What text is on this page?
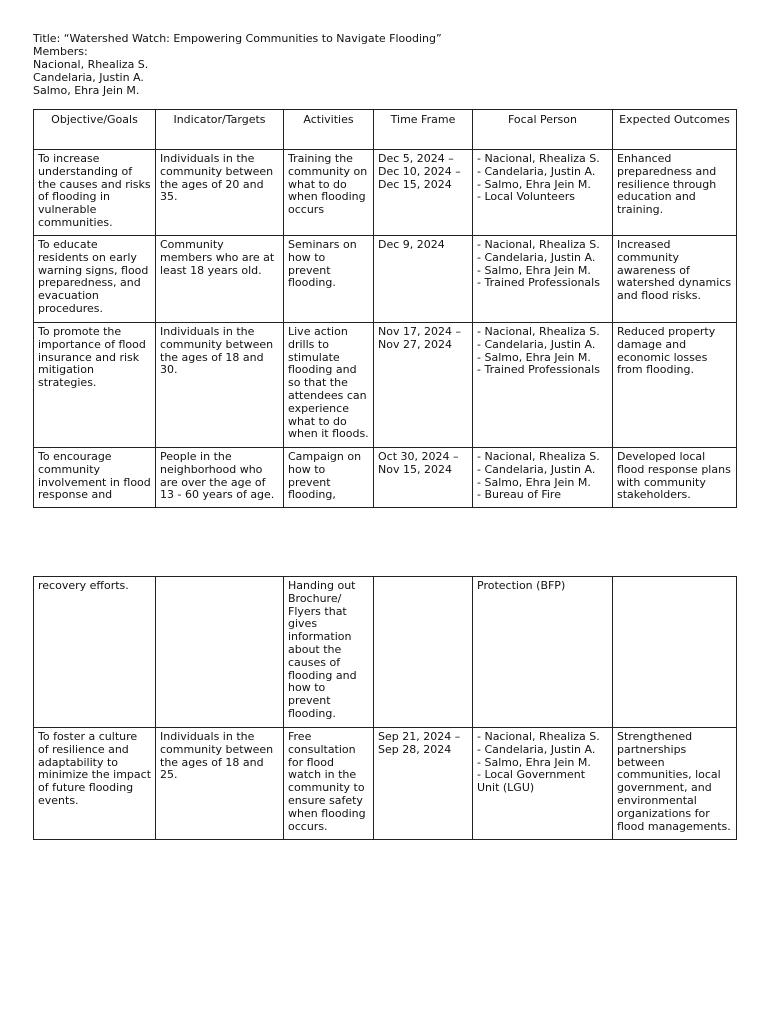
Title: “Watershed Watch: Empowering Communities to Navigate Flooding”
Members:
Nacional, Rhealiza S.
Candelaria, Justin A.
Salmo, Ehra Jein M.
Objective/Goals	Indicator/Targets	Activities	Time Frame	Focal Person	Expected Outcomes
To increase understanding of the causes and risks of flooding in vulnerable communities.	Individuals in the community between the ages of 20 and 35.	Training the community on what to do when flooding occurs	Dec 5, 2024 –
Dec 10, 2024 –
Dec 15, 2024	- Nacional, Rhealiza S.
- Candelaria, Justin A.
- Salmo, Ehra Jein M.
- Local Volunteers	Enhanced preparedness and resilience through education and training.
To educate residents on early warning signs, flood preparedness, and evacuation procedures.	Community members who are at least 18 years old.	Seminars on how to prevent flooding.	Dec 9, 2024	- Nacional, Rhealiza S.
- Candelaria, Justin A.
- Salmo, Ehra Jein M.
- Trained Professionals	Increased community awareness of watershed dynamics and flood risks.
To promote the importance of flood insurance and risk mitigation strategies.	Individuals in the community between the ages of 18 and 30.	Live action drills to stimulate flooding and so that the attendees can experience what to do when it floods.	Nov 17, 2024 –
Nov 27, 2024	- Nacional, Rhealiza S.
- Candelaria, Justin A.
- Salmo, Ehra Jein M.
- Trained Professionals	Reduced property damage and economic losses from flooding.
To encourage community involvement in flood response and	People in the neighborhood who are over the age of 13 - 60 years of age.	Campaign on how to prevent flooding,	Oct 30, 2024 –
Nov 15, 2024	- Nacional, Rhealiza S.
- Candelaria, Justin A.
- Salmo, Ehra Jein M.
- Bureau of Fire	Developed local flood response plans with community stakeholders.
recovery efforts.		Handing out Brochure/ Flyers that gives information about the causes of flooding and how to prevent flooding.		Protection (BFP)	
To foster a culture of resilience and adaptability to minimize the impact of future flooding events.	Individuals in the community between the ages of 18 and 25.	Free consultation for flood watch in the community to ensure safety when flooding occurs.	Sep 21, 2024 –
Sep 28, 2024	- Nacional, Rhealiza S.
- Candelaria, Justin A.
- Salmo, Ehra Jein M.
- Local Government Unit (LGU)	Strengthened partnerships between communities, local government, and environmental organizations for flood managements.
